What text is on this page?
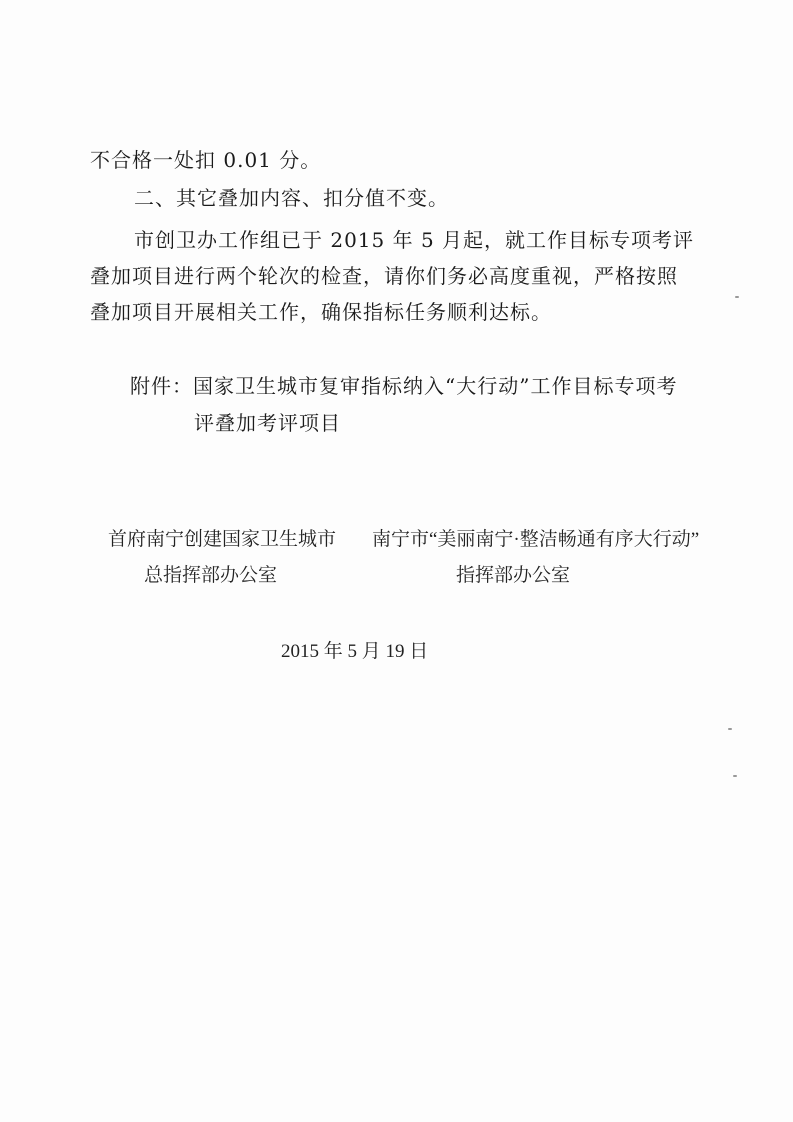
不合格一处扣 0.01 分。
二、其它叠加内容、扣分值不变。
市创卫办工作组已于 2015 年 5 月起，就工作目标专项考评
叠加项目进行两个轮次的检查，请你们务必高度重视，严格按照
叠加项目开展相关工作，确保指标任务顺利达标。
附件：国家卫生城市复审指标纳入“大行动”工作目标专项考
评叠加考评项目
首府南宁创建国家卫生城市
总指挥部办公室
南宁市“美丽南宁·整洁畅通有序大行动”
指挥部办公室
2015 年 5 月 19 日
